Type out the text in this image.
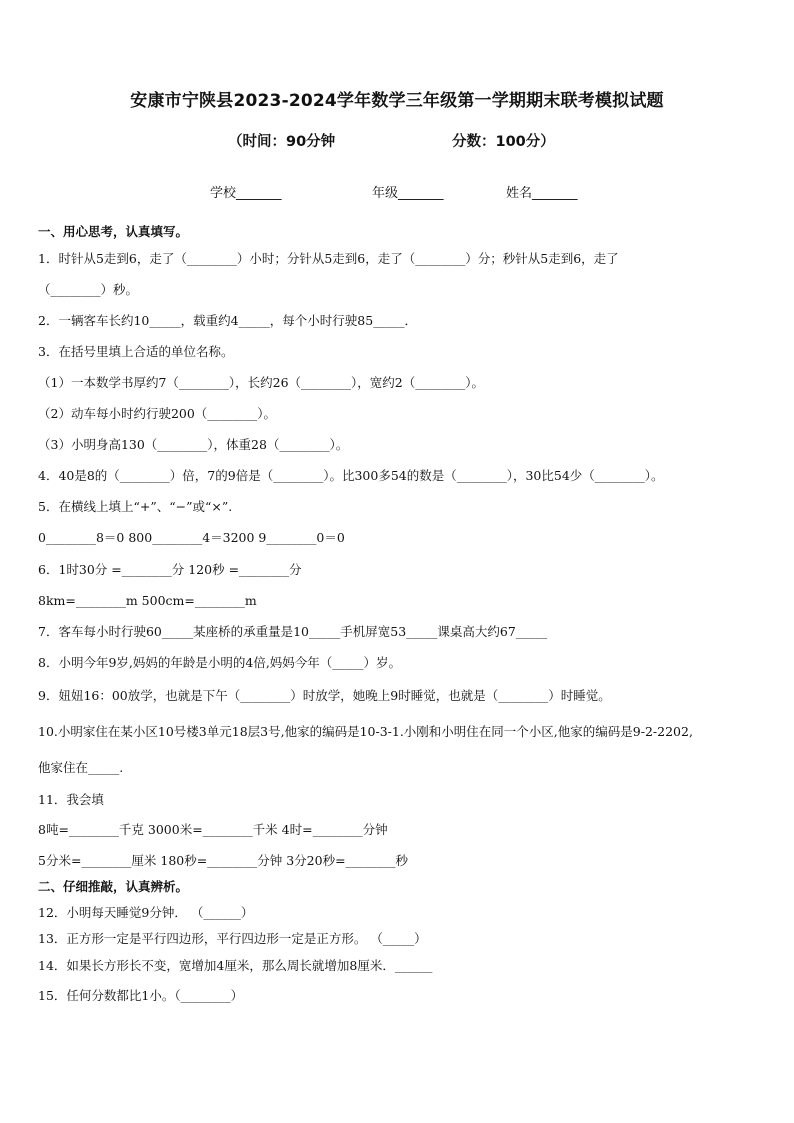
安康市宁陕县2023-2024学年数学三年级第一学期期末联考模拟试题
（时间：90分钟	分数：100分）
学校_______	年级_______	姓名_______
一、用心思考，认真填写。
1．时针从5走到6，走了（________）小时；分针从5走到6，走了（________）分；秒针从5走到6，走了
（________）秒。
2．一辆客车长约10_____，载重约4_____，每个小时行驶85_____．
3．在括号里填上合适的单位名称。
（1）一本数学书厚约7（________），长约26（________），宽约2（________）。
（2）动车每小时约行驶200（________）。
（3）小明身高130（________），体重28（________）。
4．40是8的（________）倍，7的9倍是（________）。比300多54的数是（________），30比54少（________）。
5．在横线上填上“+”、“−”或“×”.
0________8＝0 800________4＝3200 9________0＝0
6．1时30分 =________分 120秒 =________分
8km=________m 500cm=________m
7．客车每小时行驶60_____某座桥的承重量是10_____手机屏宽53_____课桌高大约67_____
8．小明今年9岁,妈妈的年龄是小明的4倍,妈妈今年（_____）岁。
9．妞妞16：00放学，也就是下午（________）时放学，她晚上9时睡觉，也就是（________）时睡觉。
10.小明家住在某小区10号楼3单元18层3号,他家的编码是10-3-1.小刚和小明住在同一个小区,他家的编码是9-2-2202,
他家住在_____.
11．我会填
8吨=________千克 3000米=________千米 4时=________分钟
5分米=________厘米 180秒=________分钟 3分20秒=________秒
二、仔细推敲，认真辨析。
12．小明每天睡觉9分钟． （______）
13．正方形一定是平行四边形，平行四边形一定是正方形。 （_____）
14．如果长方形长不变，宽增加4厘米，那么周长就增加8厘米．______
15．任何分数都比1小。（________）
